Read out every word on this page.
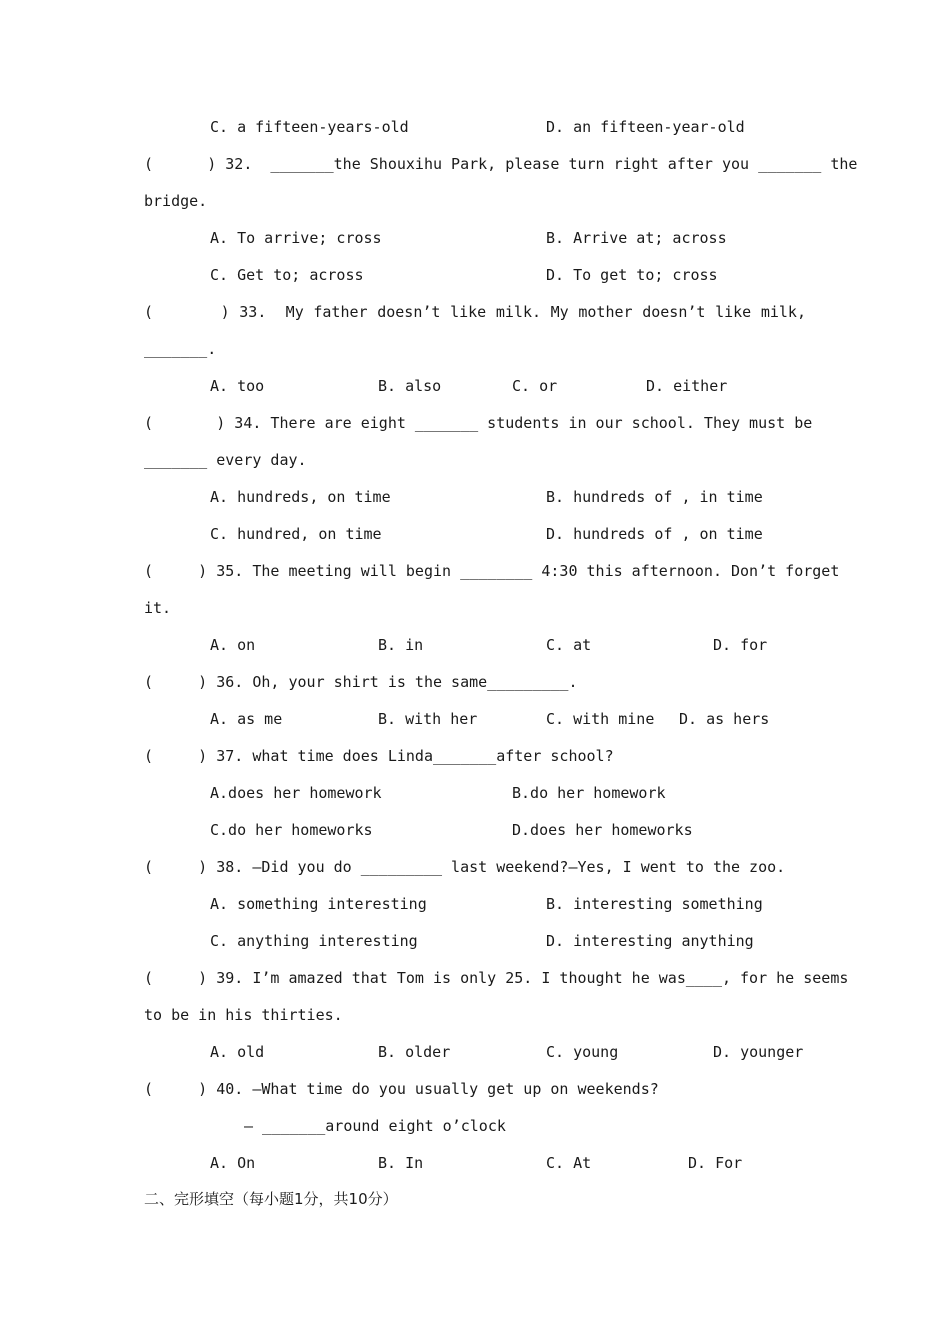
C. a fifteen-years-old	D. an fifteen-year-old
(      ) 32.  _______the Shouxihu Park, please turn right after you _______ the
bridge.
A. To arrive; cross	B. Arrive at; across
C. Get to; across	D. To get to; cross
(       ) 33.  My father doesn’t like milk. My mother doesn’t like milk,
_______.
A. too	B. also	C. or	D. either
(       ) 34. There are eight _______ students in our school. They must be
_______ every day.
A. hundreds, on time	B. hundreds of , in time
C. hundred, on time	D. hundreds of , on time
(     ) 35. The meeting will begin ________ 4:30 this afternoon. Don’t forget
it.
A. on	B. in	C. at	D. for
(     ) 36. Oh, your shirt is the same_________.
A. as me	B. with her	C. with mine D. as hers
(     ) 37. what time does Linda_______after school?
A.does her homework	B.do her homework
C.do her homeworks	D.does her homeworks
(     ) 38. —Did you do _________ last weekend?—Yes, I went to the zoo.
A. something interesting	B. interesting something
C. anything interesting	D. interesting anything
(     ) 39. I’m amazed that Tom is only 25. I thought he was____, for he seems
to be in his thirties.
A. old	B. older	C. young	D. younger
(     ) 40. —What time do you usually get up on weekends?
— _______around eight o’clock
A. On	B. In	C. At	D. For
二、完形填空（每小题1分，共10分）
